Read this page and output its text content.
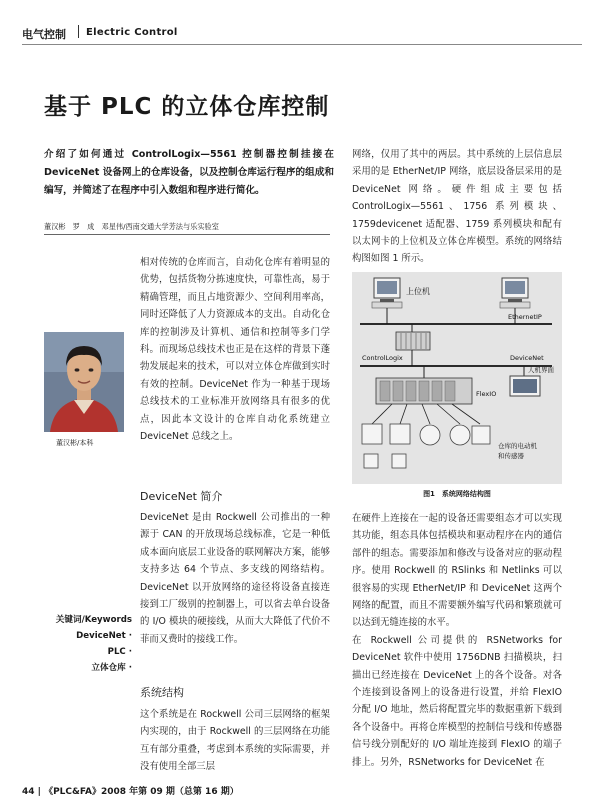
电气控制 Electric Control
基于 PLC 的立体仓库控制
介绍了如何通过 ControlLogix—5561 控制器控制挂接在 DeviceNet 设备网上的仓库设备，以及控制仓库运行程序的组成和编写，并简述了在程序中引入数组和程序进行简化。
董汉彬　罗　成　邓星伟/西南交通大学芳法与乐实验室
董汉彬/本科
相对传统的仓库而言，自动化仓库有着明显的优势，包括货物分拣速度快，可靠性高，易于精确管理，而且占地资源少、空间利用率高，同时还降低了人力资源成本的支出。自动化仓库的控制涉及计算机、通信和控制等多门学科。而现场总线技术也正是在这样的背景下蓬勃发展起来的技术，可以对立体仓库做到实时有效的控制。DeviceNet 作为一种基于现场总线技术的工业标准开放网络具有很多的优点，因此本文设计的仓库自动化系统建立 DeviceNet 总线之上。
DeviceNet 简介
DeviceNet 是由 Rockwell 公司推出的一种源于 CAN 的开放现场总线标准，它是一种低成本面向底层工业设备的联网解决方案，能够支持多达 64 个节点、多支线的网络结构。DeviceNet 以开放网络的途径将设备直接连接到工厂级别的控制器上，可以省去单台设备的 I/O 模块的硬接线，从而大大降低了代价不菲而又费时的接线工作。
系统结构
这个系统是在 Rockwell 公司三层网络的框架内实现的，由于 Rockwell 的三层网络在功能互有部分重叠，考虑到本系统的实际需要，并没有使用全部三层
关键词/Keywords
DeviceNet ·
PLC ·
立体仓库 ·
网络，仅用了其中的两层。其中系统的上层信息层采用的是 EtherNet/IP 网络，底层设备层采用的是 DeviceNet 网络。硬件组成主要包括 ControlLogix—5561、1756 系列模块、1759devicenet 适配器、1759 系列模块和配有以太网卡的上位机及立体仓库模型。系统的网络结构图如图 1 所示。
上位机
EthernetIP
ControlLogix	DeviceNet
人机界面
FlexIO
仓库的电动机
和传感器
图1　系统网络结构图
在硬件上连接在一起的设备还需要组态才可以实现其功能，组态具体包括模块和驱动程序在内的通信部件的组态。需要添加和修改与设备对应的驱动程序。使用 Rockwell 的 RSlinks 和 Netlinks 可以很容易的实现 EtherNet/IP 和 DeviceNet 这两个网络的配置，而且不需要额外编写代码和繁琐就可以达到无缝连接的水平。
在 Rockwell 公司提供的 RSNetworks for DeviceNet 软件中使用 1756DNB 扫描模块，扫描出已经连接在 DeviceNet 上的各个设备。对各个连接到设备网上的设备进行设置，并给 FlexIO 分配 I/O 地址，然后将配置完毕的数据重新下载到各个设备中。再将仓库模型的控制信号线和传感器信号线分别配好的 I/O 端址连接到 FlexIO 的端子排上。另外，RSNetworks for DeviceNet 在
44 | 《PLC&FA》2008 年第 09 期（总第 16 期）
